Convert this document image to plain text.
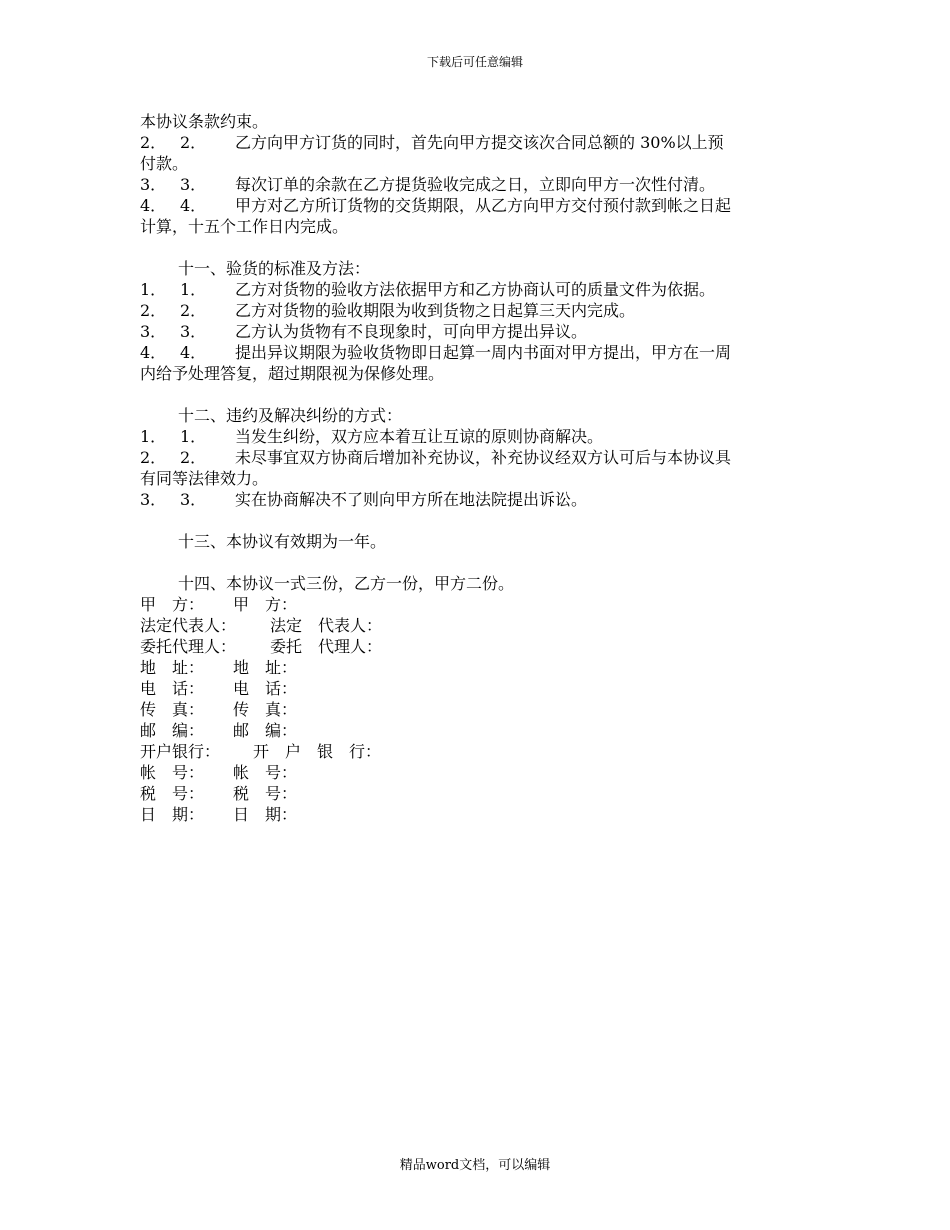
下载后可任意编辑
本协议条款约束。
2． 2． 乙方向甲方订货的同时，首先向甲方提交该次合同总额的 30%以上预
付款。
3． 3． 每次订单的余款在乙方提货验收完成之日，立即向甲方一次性付清。
4． 4． 甲方对乙方所订货物的交货期限，从乙方向甲方交付预付款到帐之日起
计算，十五个工作日内完成。
十一、验货的标准及方法：
1． 1． 乙方对货物的验收方法依据甲方和乙方协商认可的质量文件为依据。
2． 2． 乙方对货物的验收期限为收到货物之日起算三天内完成。
3． 3． 乙方认为货物有不良现象时，可向甲方提出异议。
4． 4． 提出异议期限为验收货物即日起算一周内书面对甲方提出，甲方在一周
内给予处理答复，超过期限视为保修处理。
十二、违约及解决纠纷的方式：
1． 1． 当发生纠纷，双方应本着互让互谅的原则协商解决。
2． 2． 未尽事宜双方协商后增加补充协议，补充协议经双方认可后与本协议具
有同等法律效力。
3． 3． 实在协商解决不了则向甲方所在地法院提出诉讼。
十三、本协议有效期为一年。
十四、本协议一式三份，乙方一份，甲方二份。
甲　方：	甲　方：
法定代表人：	法定　代表人：
委托代理人：	委托　代理人：
地　址：	地　址：
电　话：	电　话：
传　真：	传　真：
邮　编：	邮　编：
开户银行：	开　户　银　行：
帐　号：	帐　号：
税　号：	税　号：
日　期：	日　期：
精品word文档，可以编辑
